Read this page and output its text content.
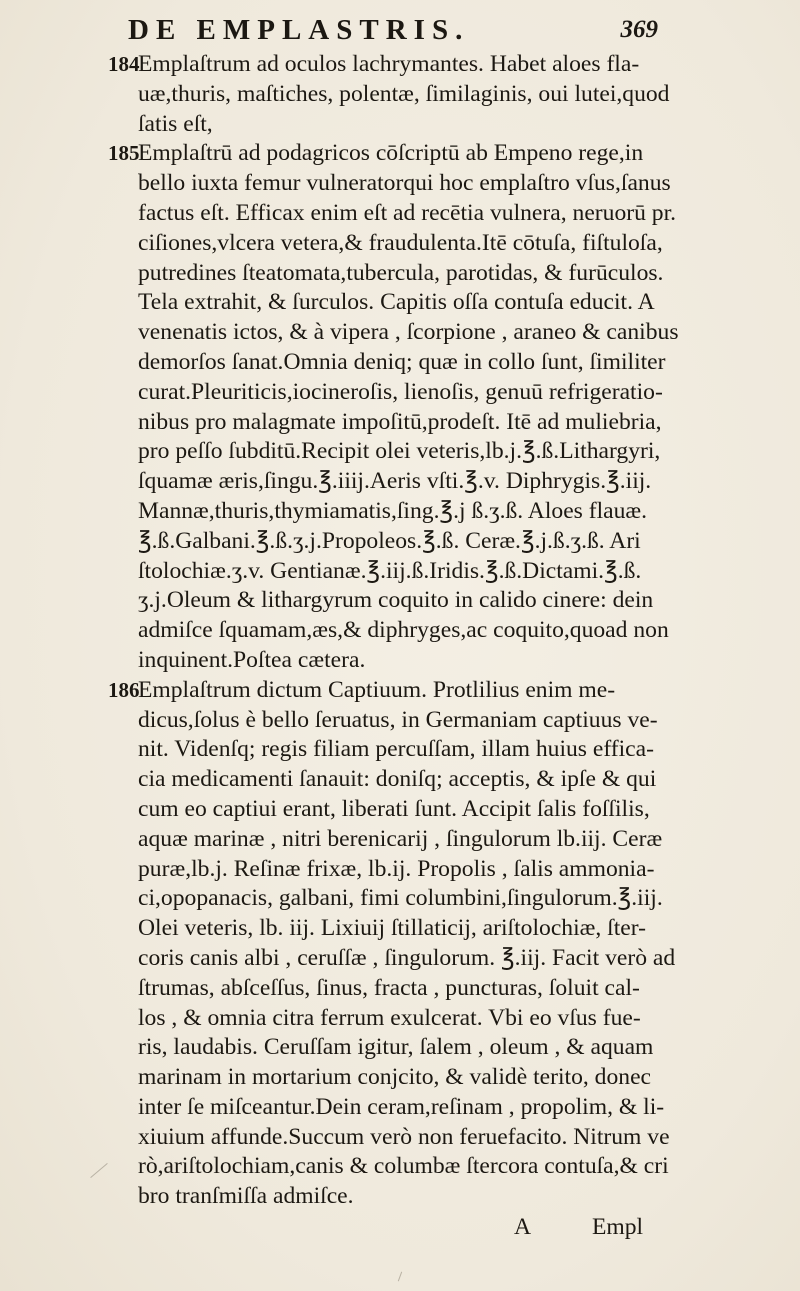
DE EMPLASTRIS.	369
184
Emplaſtrum ad oculos lachrymantes. Habet aloes fla-
uæ,thuris, maſtiches, polentæ, ſimilaginis, oui lutei,quod
ſatis eſt,
185
Emplaſtrū ad podagricos cōſcriptū ab Empeno rege,in
bello iuxta femur vulneratorqui hoc emplaſtro vſus,ſanus
factus eſt. Efficax enim eſt ad recētia vulnera, neruorū pr.
ciſiones,vlcera vetera,& fraudulenta.Itē cōtuſa, fiſtuloſa,
putredines ſteatomata,tubercula, parotidas, & furūculos.
Tela extrahit, & ſurculos. Capitis oſſa contuſa educit. A
venenatis ictos, & à vipera , ſcorpione , araneo & canibus
demorſos ſanat.Omnia deniq; quæ in collo ſunt, ſimiliter
curat.Pleuriticis,iocineroſis, lienoſis, genuū refrigeratio-
nibus pro malagmate impoſitū,prodeſt. Itē ad muliebria,
pro peſſo ſubditū.Recipit olei veteris,lb.j.℥.ß.Lithargyri,
ſquamæ æris,ſingu.℥.iiij.Aeris vſti.℥.v. Diphrygis.℥.iij.
Mannæ,thuris,thymiamatis,ſing.℥.j ß.ʒ.ß. Aloes flauæ.
℥.ß.Galbani.℥.ß.ʒ.j.Propoleos.℥.ß. Ceræ.℥.j.ß.ʒ.ß. Ari
ſtolochiæ.ʒ.v. Gentianæ.℥.iij.ß.Iridis.℥.ß.Dictami.℥.ß.
ʒ.j.Oleum & lithargyrum coquito in calido cinere: dein
admiſce ſquamam,æs,& diphryges,ac coquito,quoad non
inquinent.Poſtea cætera.
186
Emplaſtrum dictum Captiuum. Protlilius enim me-
dicus,ſolus è bello ſeruatus, in Germaniam captiuus ve-
nit. Videnſq; regis filiam percuſſam, illam huius effica-
cia medicamenti ſanauit: doniſq; acceptis, & ipſe & qui
cum eo captiui erant, liberati ſunt. Accipit ſalis foſſilis,
aquæ marinæ , nitri berenicarij , ſingulorum lb.iij. Ceræ
puræ,lb.j. Reſinæ frixæ, lb.ij. Propolis , ſalis ammonia-
ci,opopanacis, galbani, fimi columbini,ſingulorum.℥.iij.
Olei veteris, lb. iij. Lixiuij ſtillaticij, ariſtolochiæ, ſter-
coris canis albi , ceruſſæ , ſingulorum. ℥.iij. Facit verò ad
ſtrumas, abſceſſus, ſinus, fracta , puncturas, ſoluit cal-
los , & omnia citra ferrum exulcerat. Vbi eo vſus fue-
ris, laudabis. Ceruſſam igitur, ſalem , oleum , & aquam
marinam in mortarium conjcito, & validè terito, donec
inter ſe miſceantur.Dein ceram,reſinam , propolim, & li-
xiuium affunde.Succum verò non feruefacito. Nitrum ve
rò,ariſtolochiam,canis & columbæ ſtercora contuſa,& cri
bro tranſmiſſa admiſce.
A	Empl
